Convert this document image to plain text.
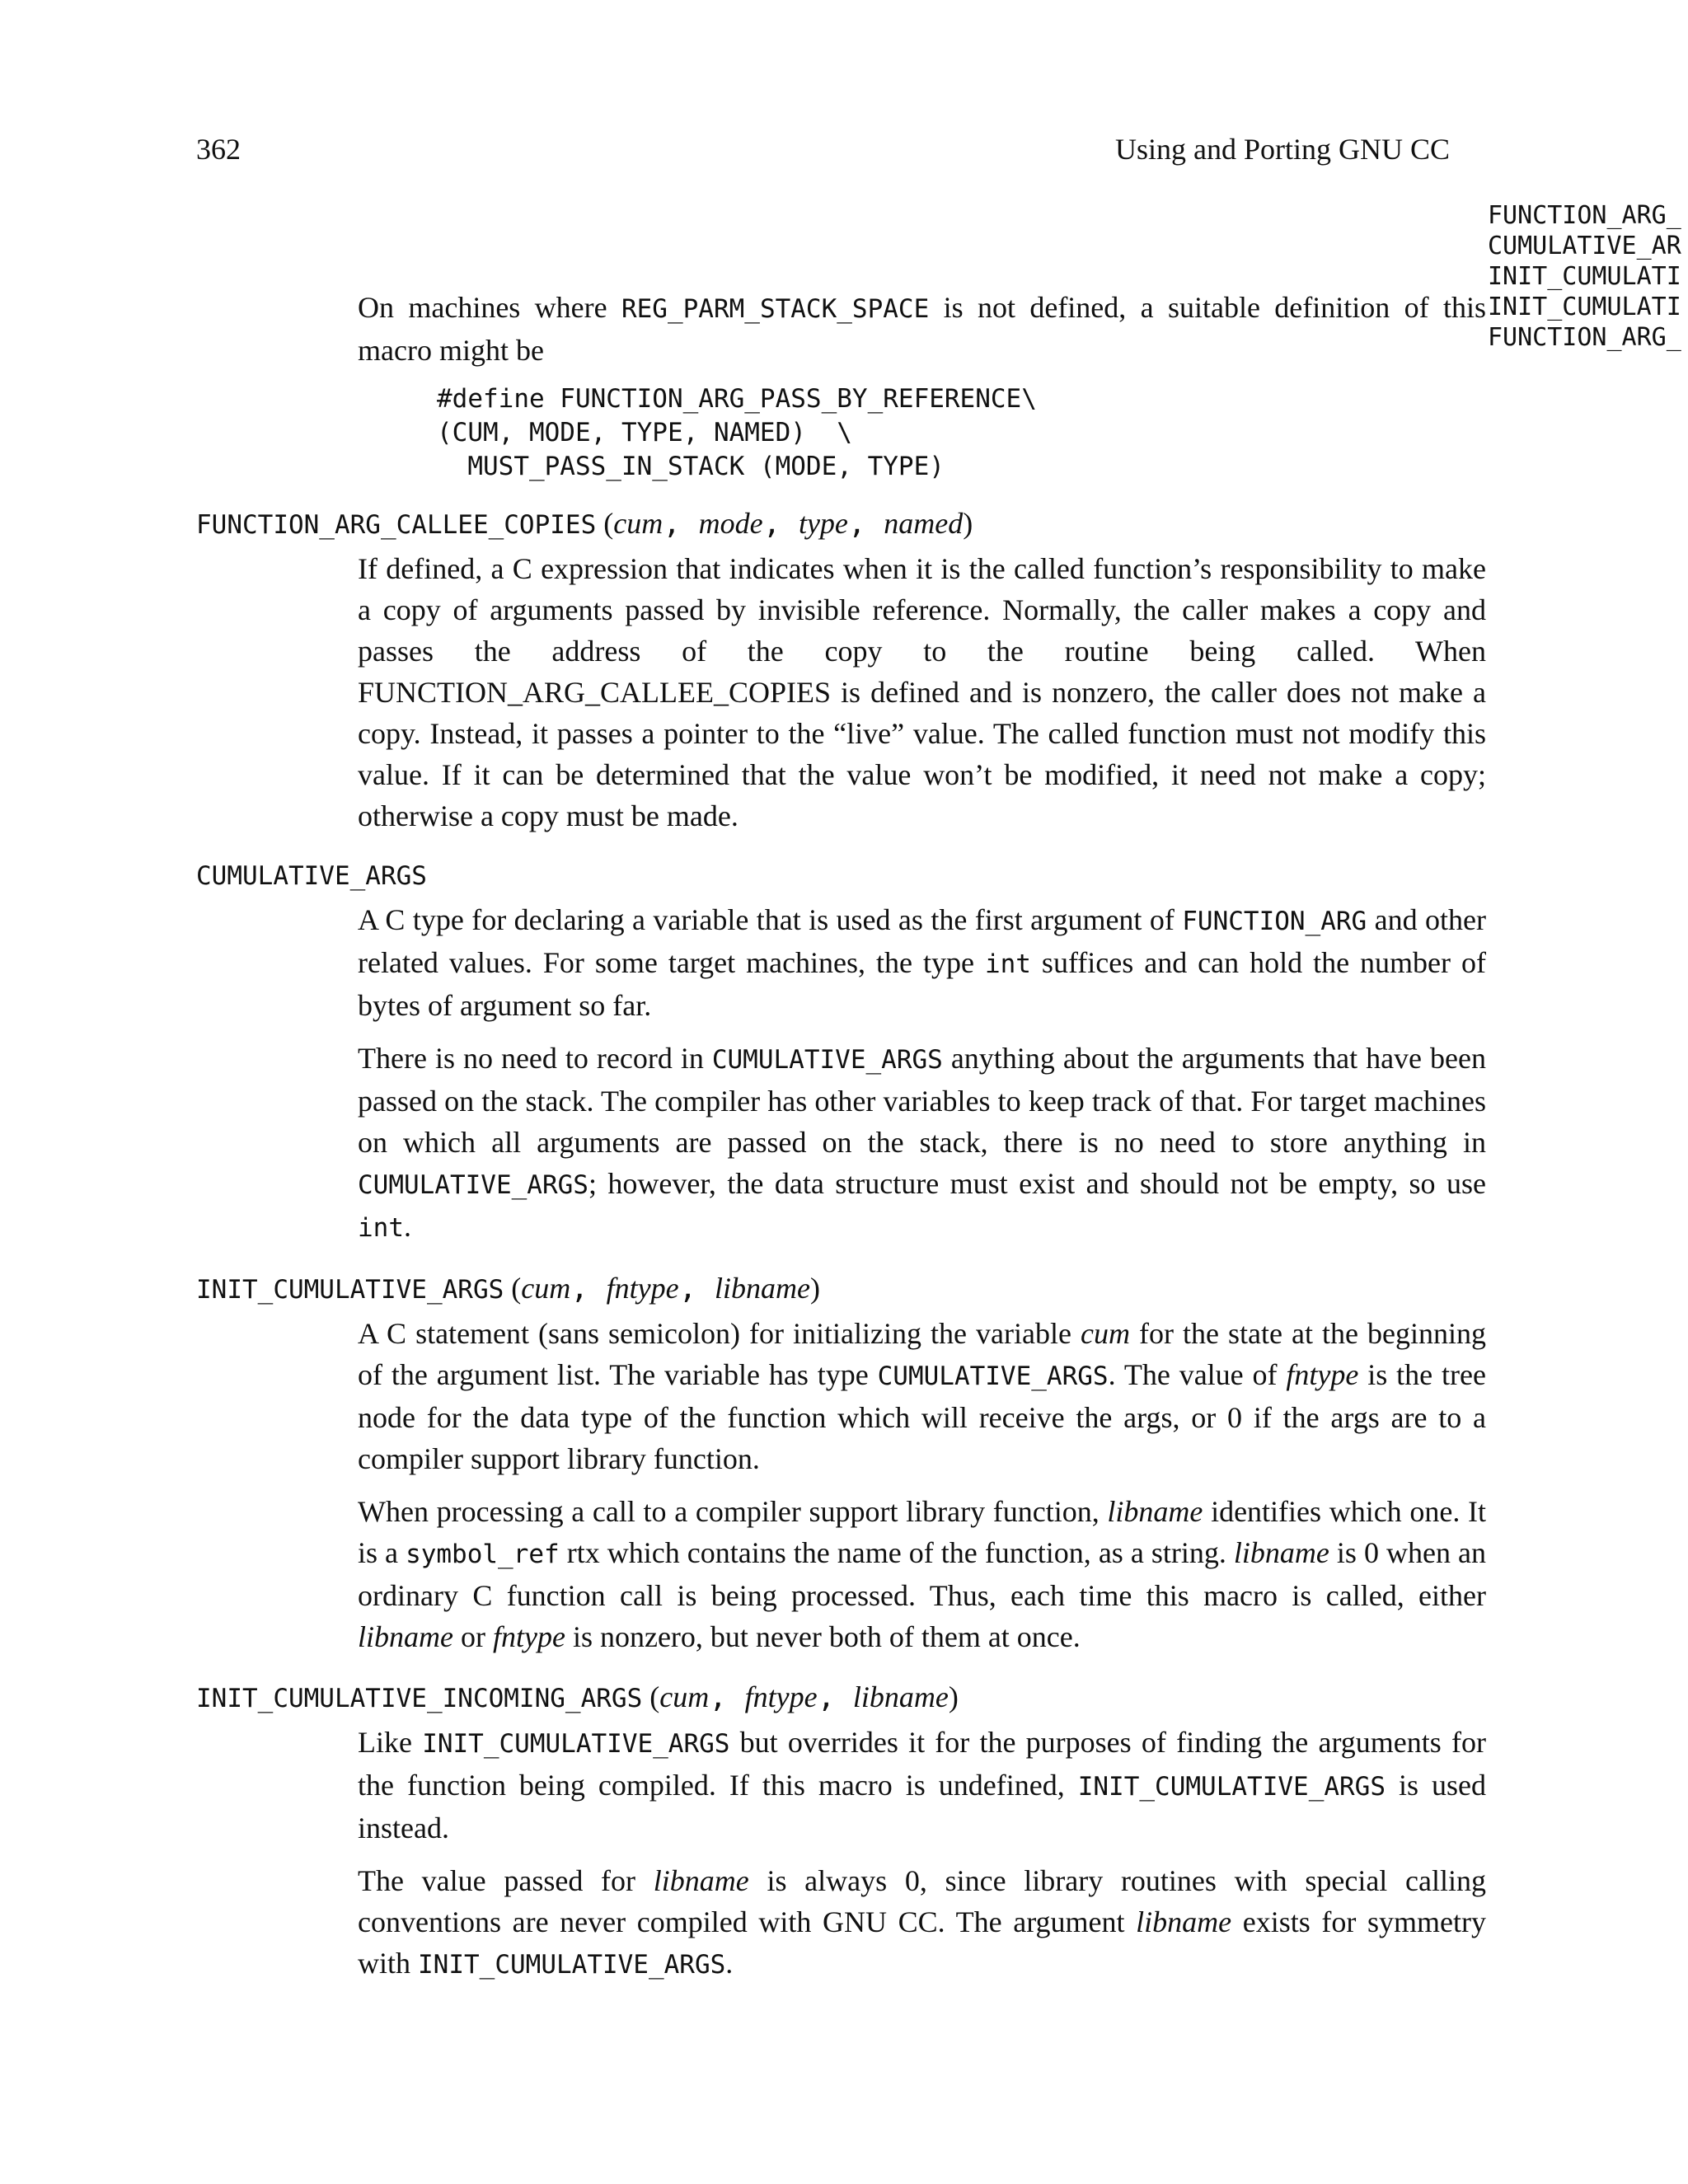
362	Using and Porting GNU CC
FUNCTION_ARG_
CUMULATIVE_AR
INIT_CUMULATI
INIT_CUMULATI
FUNCTION_ARG_

On machines where REG_PARM_STACK_SPACE is not defined, a suitable definition of this macro might be

#define FUNCTION_ARG_PASS_BY_REFERENCE\
(CUM, MODE, TYPE, NAMED)  \
MUST_PASS_IN_STACK (MODE, TYPE)
FUNCTION_ARG_CALLEE_COPIES (cum, mode, type, named)

If defined, a C expression that indicates when it is the called function’s responsibility to make a copy of arguments passed by invisible reference. Normally, the caller makes a copy and passes the address of the copy to the routine being called. When FUNCTION_ARG_CALLEE_COPIES is defined and is nonzero, the caller does not make a copy. Instead, it passes a pointer to the “live” value. The called function must not modify this value. If it can be determined that the value won’t be modified, it need not make a copy; otherwise a copy must be made.

CUMULATIVE_ARGS

A C type for declaring a variable that is used as the first argument of FUNCTION_ARG and other related values. For some target machines, the type int suffices and can hold the number of bytes of argument so far.

There is no need to record in CUMULATIVE_ARGS anything about the arguments that have been passed on the stack. The compiler has other variables to keep track of that. For target machines on which all arguments are passed on the stack, there is no need to store anything in CUMULATIVE_ARGS; however, the data structure must exist and should not be empty, so use int.

INIT_CUMULATIVE_ARGS (cum, fntype, libname)

A C statement (sans semicolon) for initializing the variable cum for the state at the beginning of the argument list. The variable has type CUMULATIVE_ARGS. The value of fntype is the tree node for the data type of the function which will receive the args, or 0 if the args are to a compiler support library function.

When processing a call to a compiler support library function, libname identifies which one. It is a symbol_ref rtx which contains the name of the function, as a string. libname is 0 when an ordinary C function call is being processed. Thus, each time this macro is called, either libname or fntype is nonzero, but never both of them at once.

INIT_CUMULATIVE_INCOMING_ARGS (cum, fntype, libname)

Like INIT_CUMULATIVE_ARGS but overrides it for the purposes of finding the arguments for the function being compiled. If this macro is undefined, INIT_CUMULATIVE_ARGS is used instead.

The value passed for libname is always 0, since library routines with special calling conventions are never compiled with GNU CC. The argument libname exists for symmetry with INIT_CUMULATIVE_ARGS.
